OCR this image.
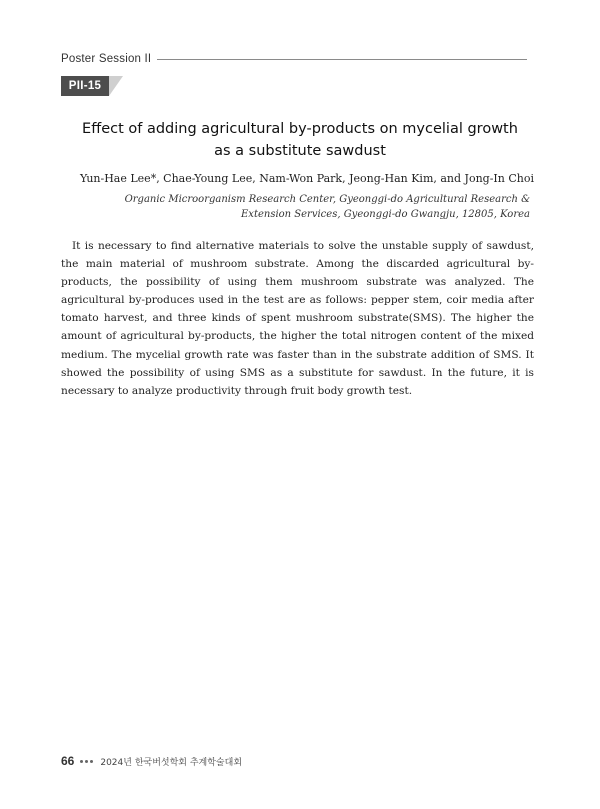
Poster Session II
PII-15
Effect of adding agricultural by-products on mycelial growth
as a substitute sawdust
Yun-Hae Lee*, Chae-Young Lee, Nam-Won Park, Jeong-Han Kim, and Jong-In Choi
Organic Microorganism Research Center, Gyeonggi-do Agricultural Research &
Extension Services, Gyeonggi-do Gwangju, 12805, Korea
It is necessary to find alternative materials to solve the unstable supply of sawdust, the main material of mushroom substrate. Among the discarded agricultural by-products, the possibility of using them mushroom substrate was analyzed. The agricultural by-produces used in the test are as follows: pepper stem, coir media after tomato harvest, and three kinds of spent mushroom substrate(SMS). The higher the amount of agricultural by-products, the higher the total nitrogen content of the mixed medium. The mycelial growth rate was faster than in the substrate addition of SMS. It showed the possibility of using SMS as a substitute for sawdust. In the future, it is necessary to analyze productivity through fruit body growth test.
66	2024년 한국버섯학회 추계학술대회
